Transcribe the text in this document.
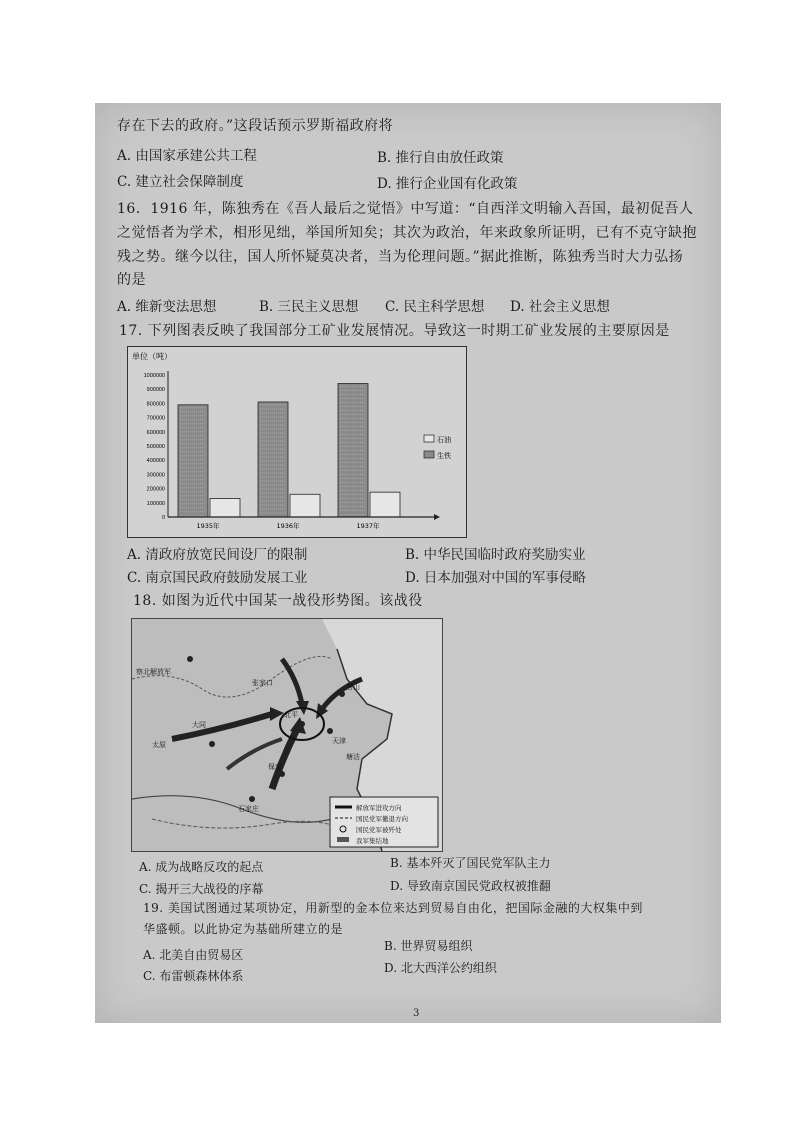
存在下去的政府。”这段话预示罗斯福政府将
A. 由国家承建公共工程	B. 推行自由放任政策
C. 建立社会保障制度	D. 推行企业国有化政策
16．1916 年，陈独秀在《吾人最后之觉悟》中写道：“自西洋文明输入吾国，最初促吾人
之觉悟者为学术，相形见绌，举国所知矣；其次为政治，年来政象所证明，已有不克守缺抱
残之势。继今以往，国人所怀疑莫决者，当为伦理问题。”据此推断，陈独秀当时大力弘扬
的是
A. 维新变法思想	B. 三民主义思想 C. 民主科学思想 D. 社会主义思想
17. 下列图表反映了我国部分工矿业发展情况。导致这一时期工矿业发展的主要原因是
单位（吨）
1000000
900000
800000
700000
600000
500000
400000
300000
200000
100000
0
1935年	1936年	1937年
石油
生铁
A. 清政府放宽民间设厂的限制	B. 中华民国临时政府奖励实业
C. 南京国民政府鼓励发展工业	D. 日本加强对中国的军事侵略
18. 如图为近代中国某一战役形势图。该战役
察北解放军
太原
石家庄
北平
天津
大同
塘沽
唐山
张家口
保定
解放军进攻方向
国民党军撤退方向
国民党军被歼处
我军集结地
A. 成为战略反攻的起点	B. 基本歼灭了国民党军队主力
C. 揭开三大战役的序幕	D. 导致南京国民党政权被推翻
19. 美国试图通过某项协定，用新型的金本位来达到贸易自由化，把国际金融的大权集中到
华盛顿。以此协定为基础所建立的是
A. 北美自由贸易区
B. 世界贸易组织
C. 布雷顿森林体系
D. 北大西洋公约组织
3
